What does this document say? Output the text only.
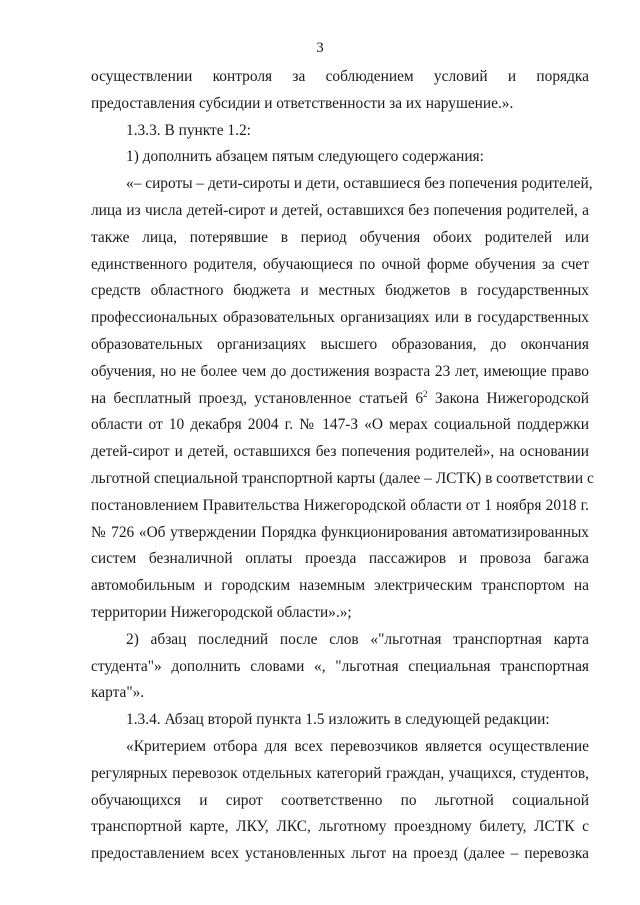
3
осуществлении контроля за соблюдением условий и порядка
предоставления субсидии и ответственности за их нарушение.».
1.3.3. В пункте 1.2:
1) дополнить абзацем пятым следующего содержания:
«– сироты – дети-сироты и дети, оставшиеся без попечения родителей,
лица из числа детей-сирот и детей, оставшихся без попечения родителей, а
также лица, потерявшие в период обучения обоих родителей или
единственного родителя, обучающиеся по очной форме обучения за счет
средств областного бюджета и местных бюджетов в государственных
профессиональных образовательных организациях или в государственных
образовательных организациях высшего образования, до окончания
обучения, но не более чем до достижения возраста 23 лет, имеющие право
на бесплатный проезд, установленное статьей $6^2$ Закона Нижегородской
области от 10 декабря 2004 г. № 147-З «О мерах социальной поддержки
детей-сирот и детей, оставшихся без попечения родителей», на основании
льготной специальной транспортной карты (далее – ЛСТК) в соответствии с
постановлением Правительства Нижегородской области от 1 ноября 2018 г.
№ 726 «Об утверждении Порядка функционирования автоматизированных
систем безналичной оплаты проезда пассажиров и провоза багажа
автомобильным и городским наземным электрическим транспортом на
территории Нижегородской области».»;
2) абзац последний после слов «"льготная транспортная карта
студента"» дополнить словами «, "льготная специальная транспортная
карта"».
1.3.4. Абзац второй пункта 1.5 изложить в следующей редакции:
«Критерием отбора для всех перевозчиков является осуществление
регулярных перевозок отдельных категорий граждан, учащихся, студентов,
обучающихся и сирот соответственно по льготной социальной
транспортной карте, ЛКУ, ЛКС, льготному проездному билету, ЛСТК с
предоставлением всех установленных льгот на проезд (далее – перевозка
